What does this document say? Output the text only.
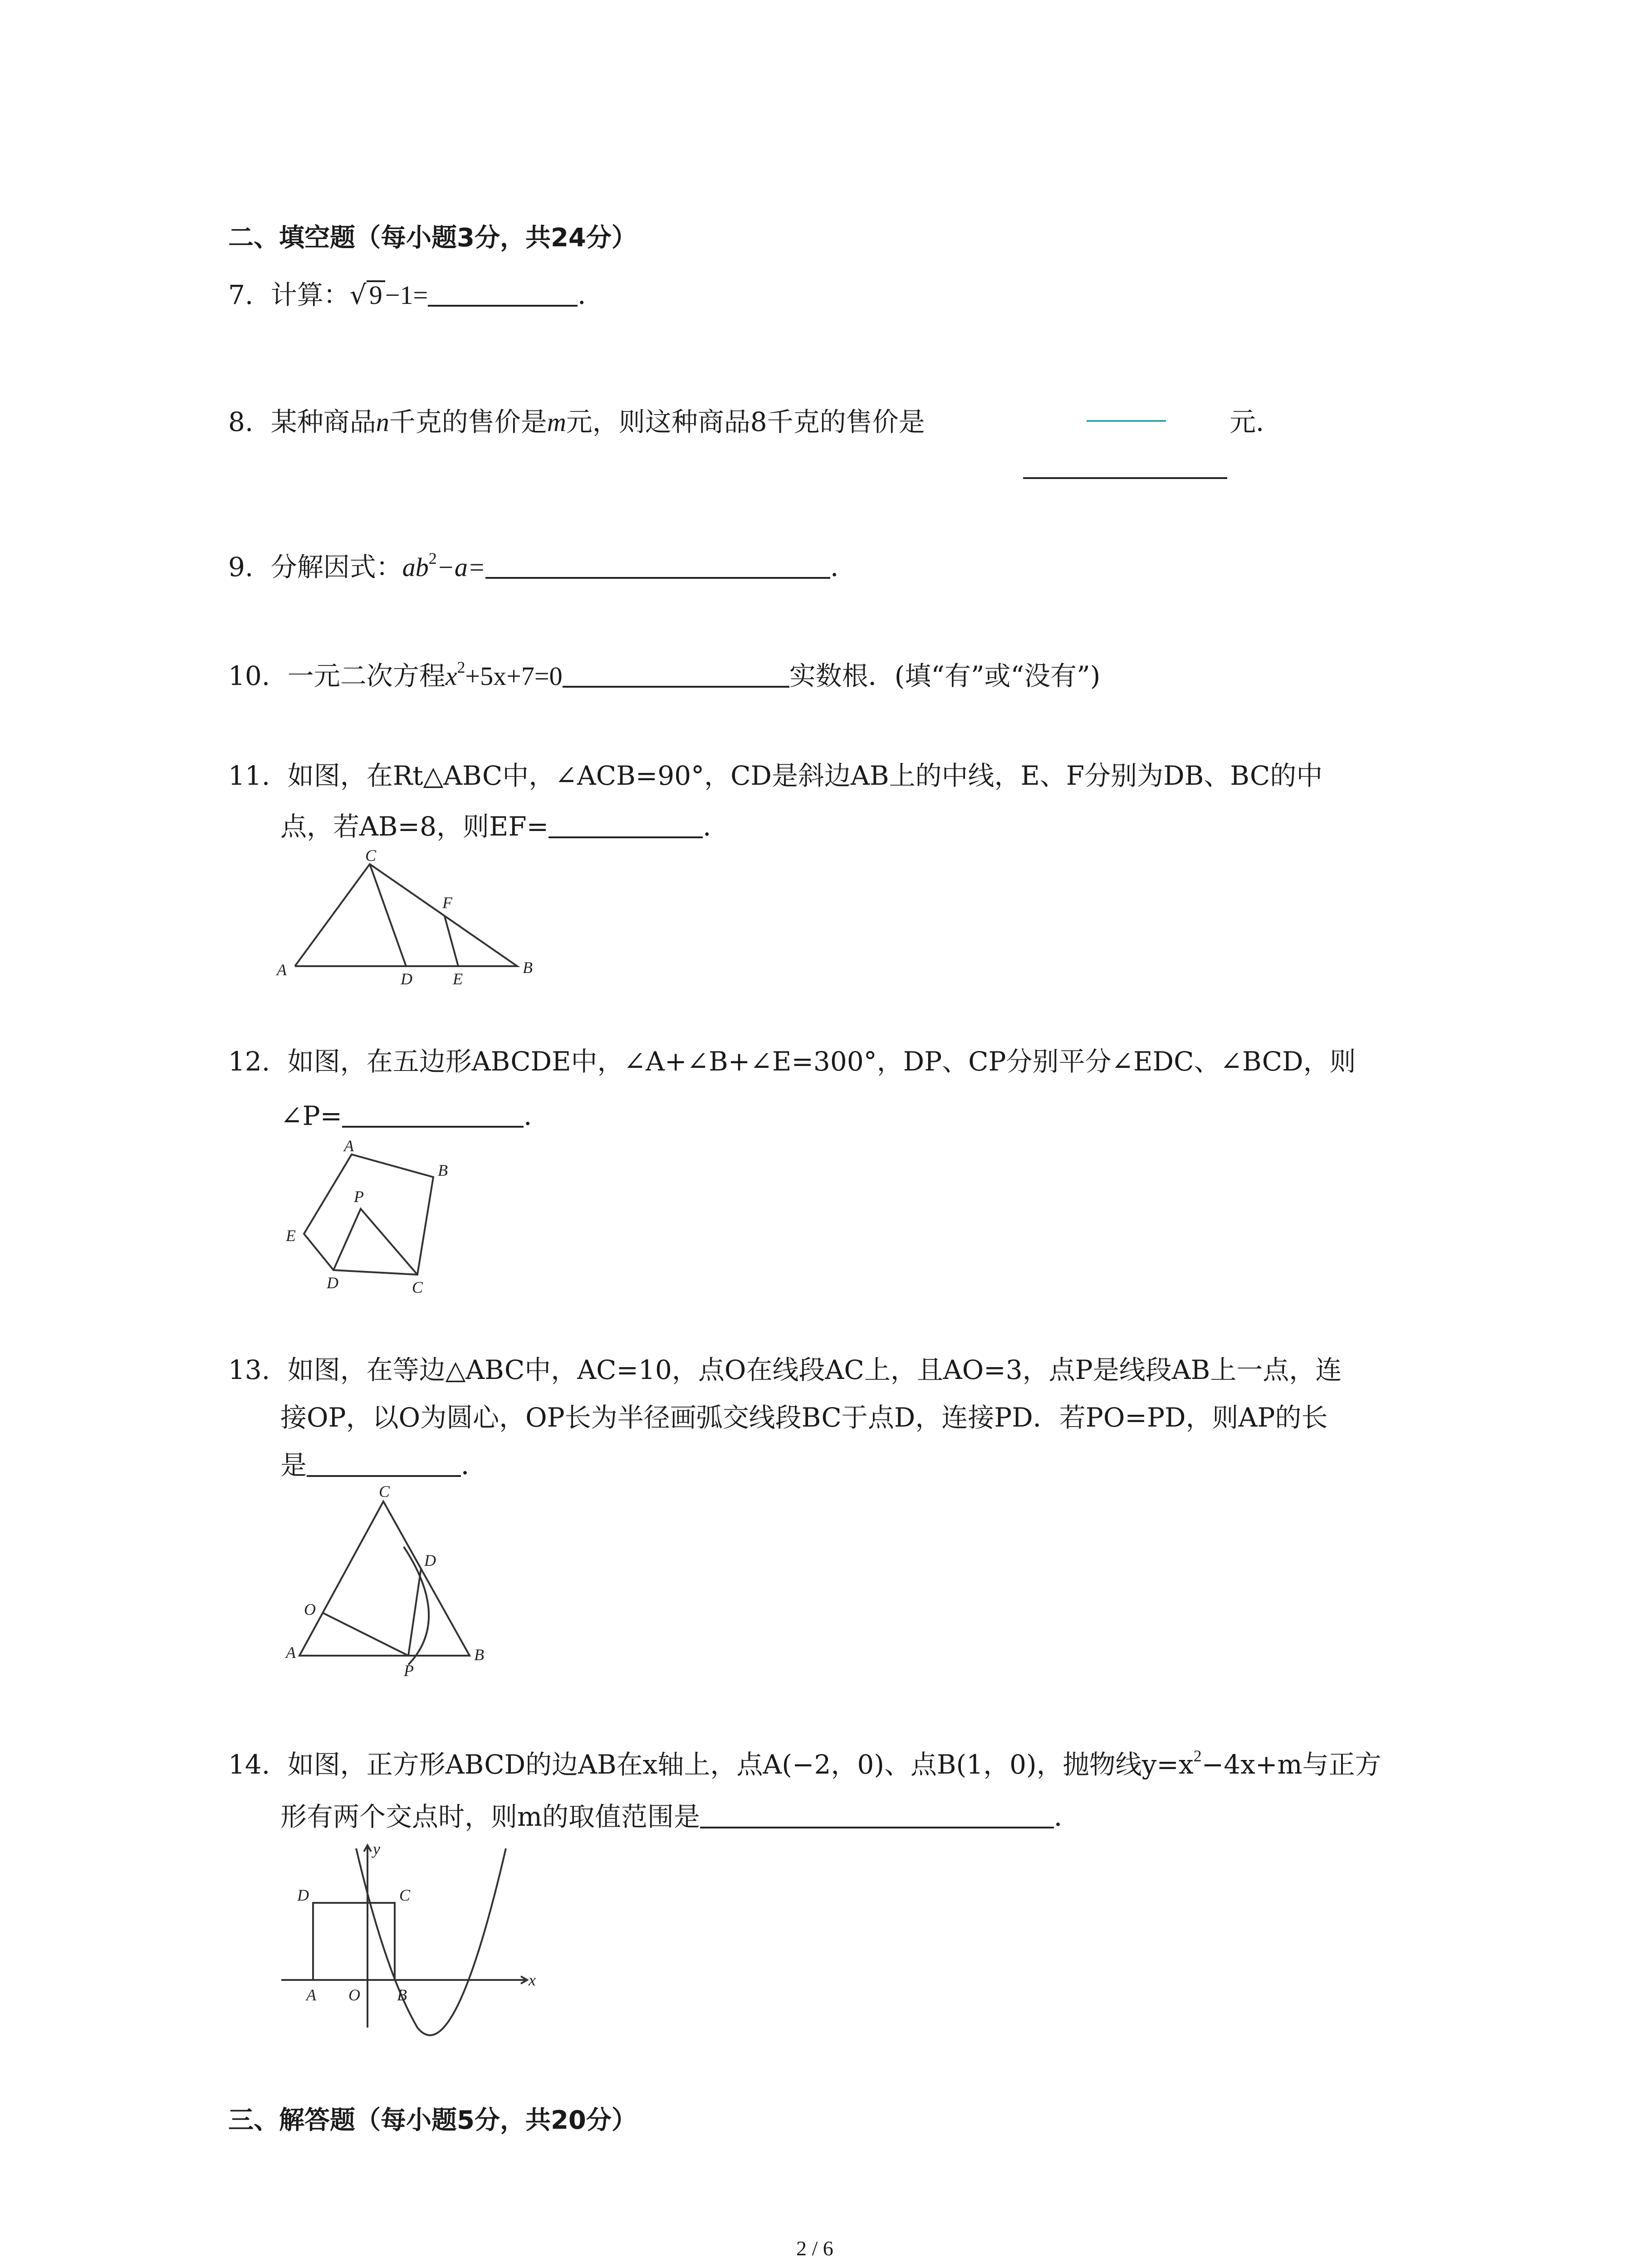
二、填空题（每小题3分，共24分）
7. 计算：√ 9 −1=	．
8. 某种商品n千克的售价是m元，则这种商品8千克的售价是	元．
9. 分解因式：$ab^2-a=$	．
10. 一元二次方程$x^2+5x+7=0$	实数根．(填“有”或“没有”)
11. 如图，在Rt△ABC中，∠ACB=90°，CD是斜边AB上的中线，E、F分别为DB、BC的中
点，若AB=8，则EF=	．
A
C
D E
F
B
12. 如图，在五边形ABCDE中，∠A+∠B+∠E=300°，DP、CP分别平分∠EDC、∠BCD，则
∠P=	．
A
B
C
D
E
P
13. 如图，在等边△ABC中，AC=10，点O在线段AC上，且AO=3，点P是线段AB上一点，连
接OP，以O为圆心，OP长为半径画弧交线段BC于点D，连接PD．若PO=PD，则AP的长
是	．
A
C
D
O
P
B
14. 如图，正方形ABCD的边AB在x轴上，点A(−2，0)、点B(1，0)，抛物线$y=x^2-4x+m$与正方
形有两个交点时，则m的取值范围是	．
A	B
C
D
O
x
y
三、解答题（每小题5分，共20分）
2 / 6
